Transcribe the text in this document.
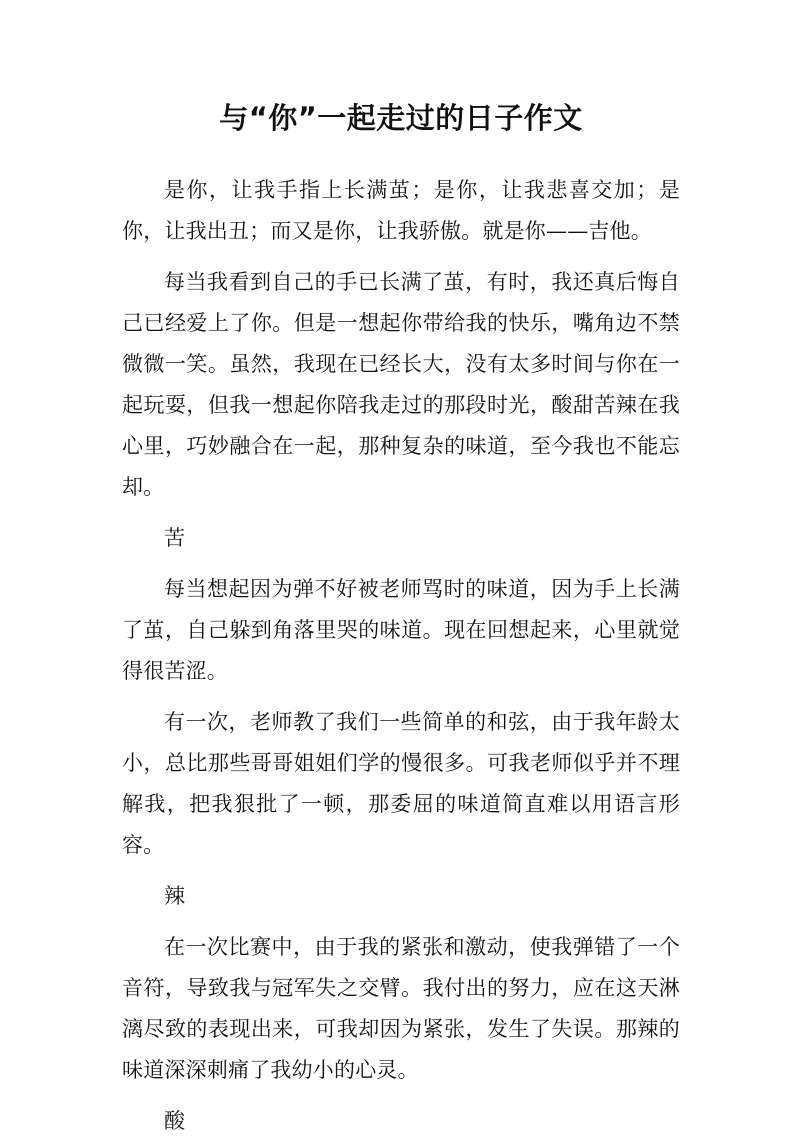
与“你”一起走过的日子作文

是你，让我手指上长满茧；是你，让我悲喜交加；是你，让我出丑；而又是你，让我骄傲。就是你——吉他。

每当我看到自己的手已长满了茧，有时，我还真后悔自己已经爱上了你。但是一想起你带给我的快乐，嘴角边不禁微微一笑。虽然，我现在已经长大，没有太多时间与你在一起玩耍，但我一想起你陪我走过的那段时光，酸甜苦辣在我心里，巧妙融合在一起，那种复杂的味道，至今我也不能忘却。

苦

每当想起因为弹不好被老师骂时的味道，因为手上长满了茧，自己躲到角落里哭的味道。现在回想起来，心里就觉得很苦涩。

有一次，老师教了我们一些简单的和弦，由于我年龄太小，总比那些哥哥姐姐们学的慢很多。可我老师似乎并不理解我，把我狠批了一顿，那委屈的味道简直难以用语言形容。

辣

在一次比赛中，由于我的紧张和激动，使我弹错了一个音符，导致我与冠军失之交臂。我付出的努力，应在这天淋漓尽致的表现出来，可我却因为紧张，发生了失误。那辣的味道深深刺痛了我幼小的心灵。

酸
